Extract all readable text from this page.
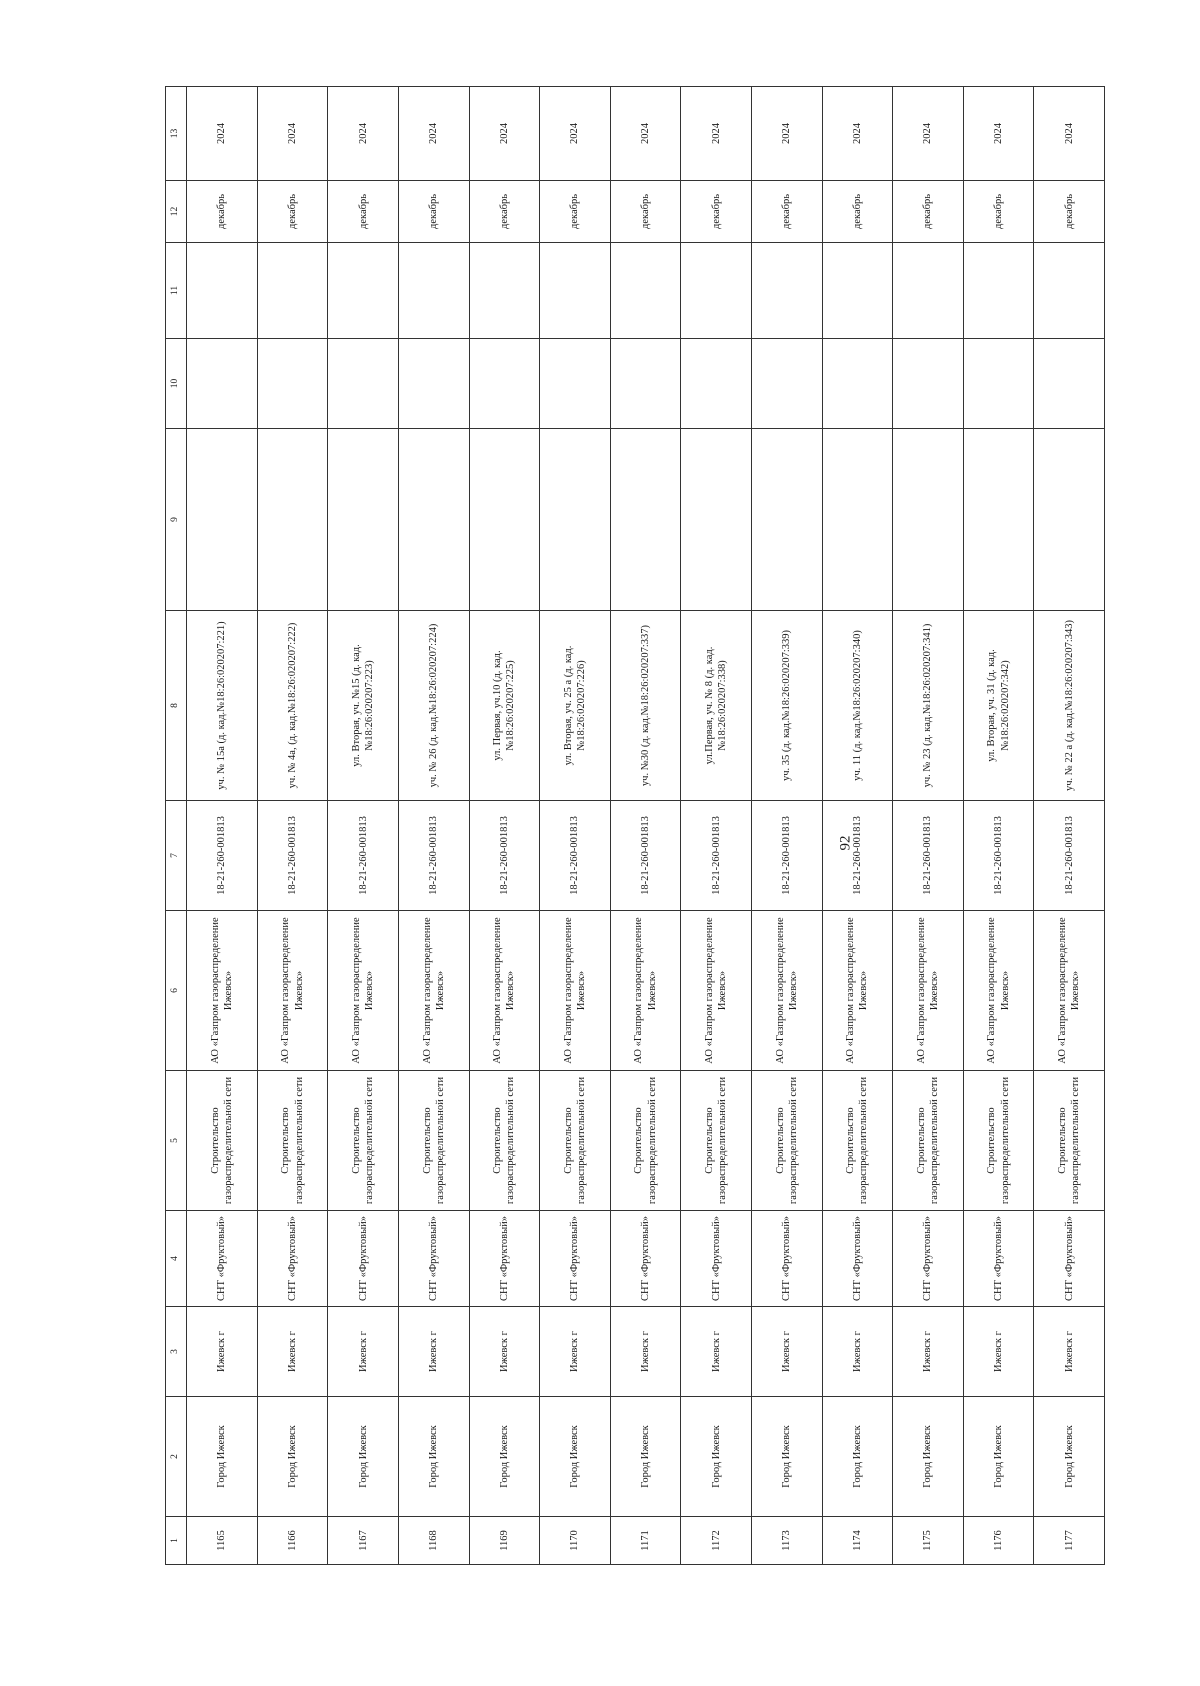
92
1	2	3	4	5	6	7	8	9	10	11	12	13
1165	Город Ижевск	Ижевск г	СНТ «Фруктовый»	Строительство газораспределительной сети	АО «Газпром газораспределение Ижевск»	18-21-260-001813	уч. № 15а (д. кад.№18:26:020207:221)				декабрь	2024
1166	Город Ижевск	Ижевск г	СНТ «Фруктовый»	Строительство газораспределительной сети	АО «Газпром газораспределение Ижевск»	18-21-260-001813	уч. № 4а, (д. кад.№18:26:020207:222)				декабрь	2024
1167	Город Ижевск	Ижевск г	СНТ «Фруктовый»	Строительство газораспределительной сети	АО «Газпром газораспределение Ижевск»	18-21-260-001813	ул. Вторая, уч. №15 (д. кад.№18:26:020207:223)				декабрь	2024
1168	Город Ижевск	Ижевск г	СНТ «Фруктовый»	Строительство газораспределительной сети	АО «Газпром газораспределение Ижевск»	18-21-260-001813	уч. № 26 (д. кад.№18:26:020207:224)				декабрь	2024
1169	Город Ижевск	Ижевск г	СНТ «Фруктовый»	Строительство газораспределительной сети	АО «Газпром газораспределение Ижевск»	18-21-260-001813	ул. Первая, уч.10 (д. кад.№18:26:020207:225)				декабрь	2024
1170	Город Ижевск	Ижевск г	СНТ «Фруктовый»	Строительство газораспределительной сети	АО «Газпром газораспределение Ижевск»	18-21-260-001813	ул. Вторая, уч. 25 а (д. кад.№18:26:020207:226)				декабрь	2024
1171	Город Ижевск	Ижевск г	СНТ «Фруктовый»	Строительство газораспределительной сети	АО «Газпром газораспределение Ижевск»	18-21-260-001813	уч. №30 (д. кад.№18:26:020207:337)				декабрь	2024
1172	Город Ижевск	Ижевск г	СНТ «Фруктовый»	Строительство газораспределительной сети	АО «Газпром газораспределение Ижевск»	18-21-260-001813	ул.Первая, уч. № 8 (д. кад.№18:26:020207:338)				декабрь	2024
1173	Город Ижевск	Ижевск г	СНТ «Фруктовый»	Строительство газораспределительной сети	АО «Газпром газораспределение Ижевск»	18-21-260-001813	уч. 35 (д. кад.№18:26:020207:339)				декабрь	2024
1174	Город Ижевск	Ижевск г	СНТ «Фруктовый»	Строительство газораспределительной сети	АО «Газпром газораспределение Ижевск»	18-21-260-001813	уч. 11 (д. кад.№18:26:020207:340)				декабрь	2024
1175	Город Ижевск	Ижевск г	СНТ «Фруктовый»	Строительство газораспределительной сети	АО «Газпром газораспределение Ижевск»	18-21-260-001813	уч. № 23 (д. кад.№18:26:020207:341)				декабрь	2024
1176	Город Ижевск	Ижевск г	СНТ «Фруктовый»	Строительство газораспределительной сети	АО «Газпром газораспределение Ижевск»	18-21-260-001813	ул. Вторая, уч. 31 (д. кад.№18:26:020207:342)				декабрь	2024
1177	Город Ижевск	Ижевск г	СНТ «Фруктовый»	Строительство газораспределительной сети	АО «Газпром газораспределение Ижевск»	18-21-260-001813	уч. № 22 а (д. кад.№18:26:020207:343)				декабрь	2024
